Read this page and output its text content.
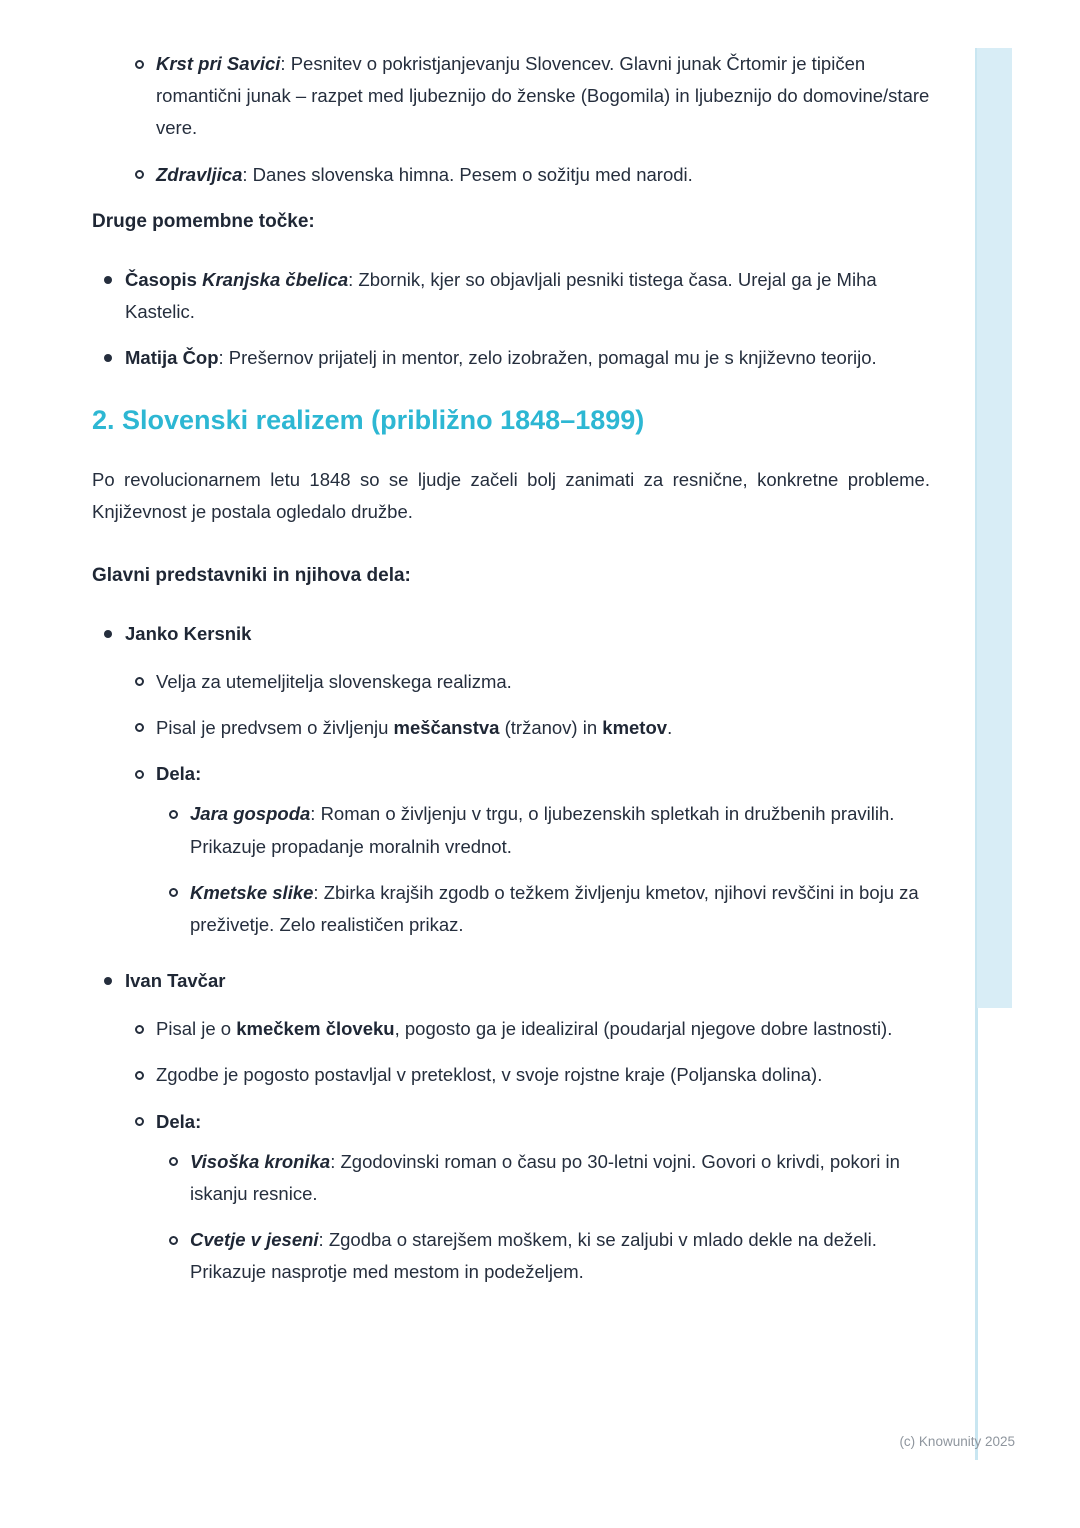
Krst pri Savici: Pesnitev o pokristjanjevanju Slovencev. Glavni junak Črtomir je tipičen romantični junak – razpet med ljubeznijo do ženske (Bogomila) in ljubeznijo do domovine/stare vere.
Zdravljica: Danes slovenska himna. Pesem o sožitju med narodi.
Druge pomembne točke:
Časopis Kranjska čbelica: Zbornik, kjer so objavljali pesniki tistega časa. Urejal ga je Miha Kastelic.
Matija Čop: Prešernov prijatelj in mentor, zelo izobražen, pomagal mu je s književno teorijo.
2. Slovenski realizem (približno 1848–1899)

Po revolucionarnem letu 1848 so se ljudje začeli bolj zanimati za resnične, konkretne probleme. Književnost je postala ogledalo družbe.

Glavni predstavniki in njihova dela:
Janko Kersnik
Velja za utemeljitelja slovenskega realizma.
Pisal je predvsem o življenju meščanstva (tržanov) in kmetov.
Dela:
Jara gospoda: Roman o življenju v trgu, o ljubezenskih spletkah in družbenih pravilih. Prikazuje propadanje moralnih vrednot.
Kmetske slike: Zbirka krajših zgodb o težkem življenju kmetov, njihovi revščini in boju za preživetje. Zelo realističen prikaz.
Ivan Tavčar
Pisal je o kmečkem človeku, pogosto ga je idealiziral (poudarjal njegove dobre lastnosti).
Zgodbe je pogosto postavljal v preteklost, v svoje rojstne kraje (Poljanska dolina).
Dela:
Visoška kronika: Zgodovinski roman o času po 30-letni vojni. Govori o krivdi, pokori in iskanju resnice.
Cvetje v jeseni: Zgodba o starejšem moškem, ki se zaljubi v mlado dekle na deželi. Prikazuje nasprotje med mestom in podeželjem.
(c) Knowunity 2025
